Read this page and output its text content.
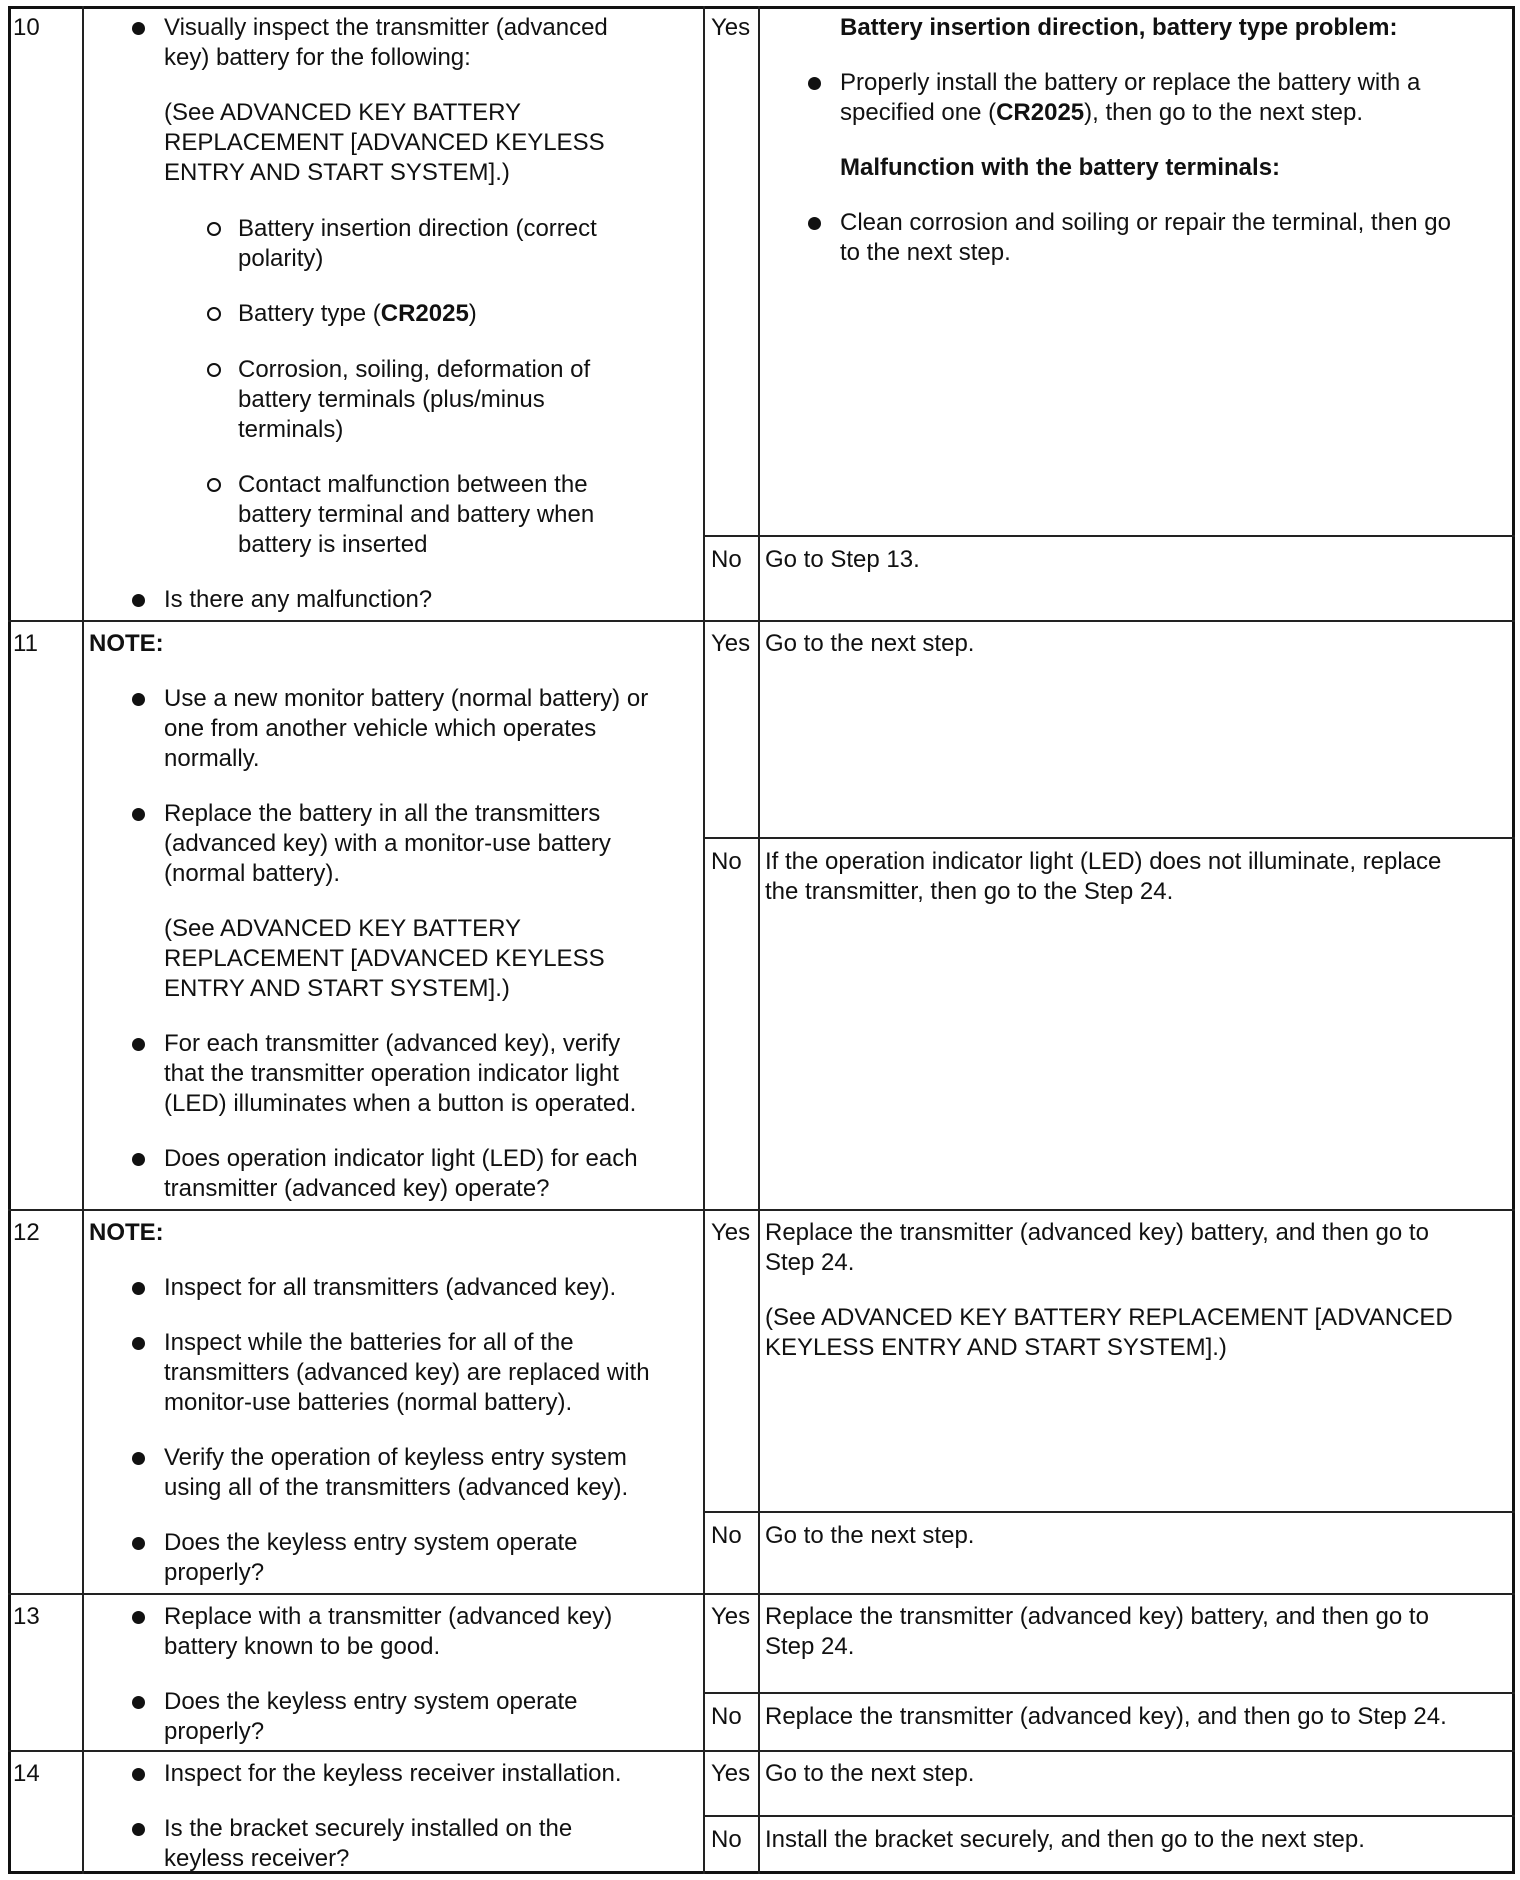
10	Visually inspect the transmitter (advanced
key) battery for the following:
(See ADVANCED KEY BATTERY
REPLACEMENT [ADVANCED KEYLESS
ENTRY AND START SYSTEM].)
Battery insertion direction (correct
polarity)
Battery type (CR2025)
Corrosion, soiling, deformation of
battery terminals (plus/minus
terminals)
Contact malfunction between the
battery terminal and battery when
battery is inserted
Is there any malfunction?
Yes	Battery insertion direction, battery type problem:
Properly install the battery or replace the battery with a
specified one (CR2025), then go to the next step.
Malfunction with the battery terminals:
Clean corrosion and soiling or repair the terminal, then go
to the next step.
No Go to Step 13.
11 NOTE:
Use a new monitor battery (normal battery) or
one from another vehicle which operates
normally.
Replace the battery in all the transmitters
(advanced key) with a monitor-use battery
(normal battery).
(See ADVANCED KEY BATTERY
REPLACEMENT [ADVANCED KEYLESS
ENTRY AND START SYSTEM].)
For each transmitter (advanced key), verify
that the transmitter operation indicator light
(LED) illuminates when a button is operated.
Does operation indicator light (LED) for each
transmitter (advanced key) operate?
Yes Go to the next step.
No If the operation indicator light (LED) does not illuminate, replace
the transmitter, then go to the Step 24.
12 NOTE:
Inspect for all transmitters (advanced key).
Inspect while the batteries for all of the
transmitters (advanced key) are replaced with
monitor-use batteries (normal battery).
Verify the operation of keyless entry system
using all of the transmitters (advanced key).
Does the keyless entry system operate
properly?
Yes Replace the transmitter (advanced key) battery, and then go to
Step 24.
(See ADVANCED KEY BATTERY REPLACEMENT [ADVANCED
KEYLESS ENTRY AND START SYSTEM].)
No Go to the next step.
13	Replace with a transmitter (advanced key)
battery known to be good.
Does the keyless entry system operate
properly?
Yes Replace the transmitter (advanced key) battery, and then go to
Step 24.
No Replace the transmitter (advanced key), and then go to Step 24.
14	Inspect for the keyless receiver installation.
Is the bracket securely installed on the
keyless receiver?
Yes Go to the next step.
No Install the bracket securely, and then go to the next step.
